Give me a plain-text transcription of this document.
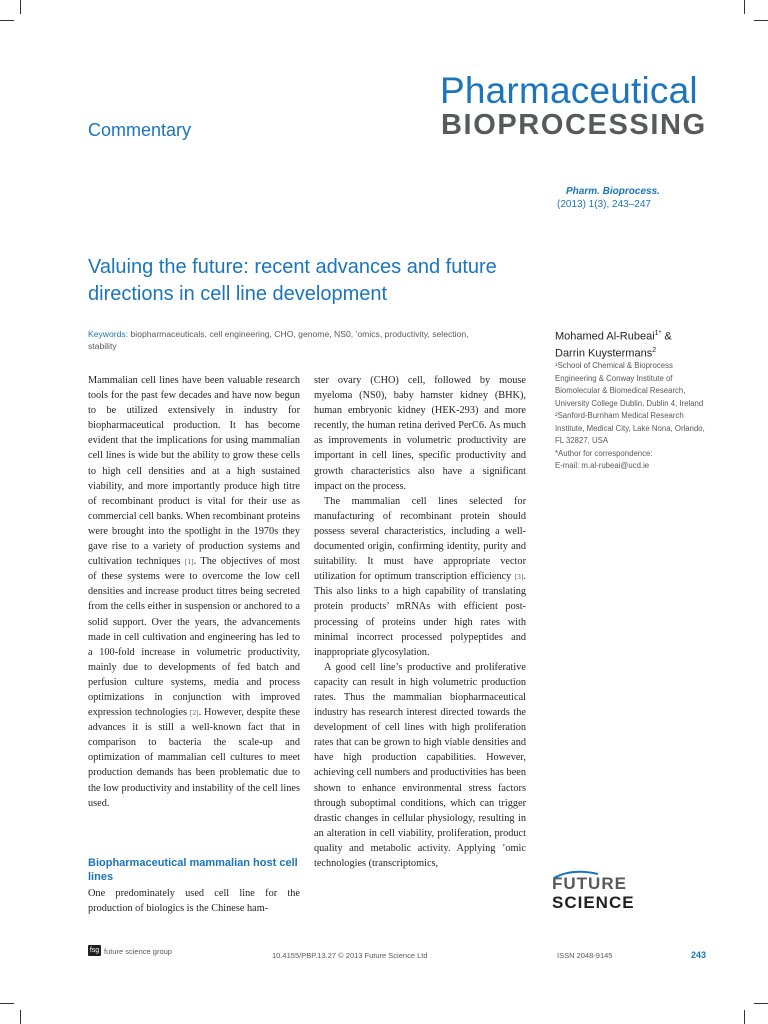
Pharmaceutical
BIOPROCESSING
Commentary
Pharm. Bioprocess.
(2013) 1(3), 243–247
Valuing the future: recent advances and future directions in cell line development
Keywords: biopharmaceuticals, cell engineering, CHO, genome, NS0, ’omics, productivity, selection, stability
Mohamed Al-Rubeai$^{1*}$ &
Darrin Kuystermans$^2$

¹School of Chemical & Bioprocess Engineering & Conway Institute of Biomolecular & Biomedical Research, University College Dublin, Dublin 4, Ireland

²Sanford-Burnham Medical Research Institute, Medical City, Lake Nona, Orlando, FL 32827, USA

*Author for correspondence:

E-mail: m.al-rubeai@ucd.ie

Mammalian cell lines have been valuable research tools for the past few decades and have now begun to be utilized extensively in industry for biopharmaceutical production. It has become evident that the implications for using mammalian cell lines is wide but the ability to grow these cells to high cell densities and at a high sustained viability, and more importantly produce high titre of recombinant product is vital for their use as commercial cell banks. When recombinant proteins were brought into the spotlight in the 1970s they gave rise to a variety of production systems and cultivation techniques [1]. The objectives of most of these systems were to overcome the low cell densities and increase product titres being secreted from the cells either in suspension or anchored to a solid support. Over the years, the advancements made in cell cultivation and engineering has led to a 100-fold increase in volumetric productivity, mainly due to developments of fed batch and perfusion culture systems, media and process optimizations in conjunction with improved expression technologies [2]. However, despite these advances it is still a well-known fact that in comparison to bacteria the scale-up and optimization of mammalian cell cultures to meet production demands has been problematic due to the low productivity and instability of the cell lines used.

Biopharmaceutical mammalian host cell lines

One predominately used cell line for the production of biologics is the Chinese ham-

ster ovary (CHO) cell, followed by mouse myeloma (NS0), baby hamster kidney (BHK), human embryonic kidney (HEK-293) and more recently, the human retina derived PerC6. As much as improvements in volumetric productivity are important in cell lines, specific productivity and growth characteristics also have a significant impact on the process.

The mammalian cell lines selected for manufacturing of recombinant protein should possess several characteristics, including a well-documented origin, confirming identity, purity and suitability. It must have appropriate vector utilization for optimum transcription efficiency [3]. This also links to a high capability of translating protein products’ mRNAs with efficient post-processing of proteins under high rates with minimal incorrect processed polypeptides and inappropriate glycosylation.

A good cell line’s productive and proliferative capacity can result in high volumetric production rates. Thus the mammalian biopharmaceutical industry has research interest directed towards the development of cell lines with high proliferation rates that can be grown to high viable densities and have high production capabilities. However, achieving cell numbers and productivities has been shown to enhance environmental stress factors through suboptimal conditions, which can trigger drastic changes in cellular physiology, resulting in an alteration in cell viability, proliferation, product quality and metabolic activity. Applying ’omic technologies (transcriptomics,

FUTURE
SCIENCE
fsg future science group	10.4155/PBP.13.27 © 2013 Future Science Ltd	ISSN 2048-9145	243
